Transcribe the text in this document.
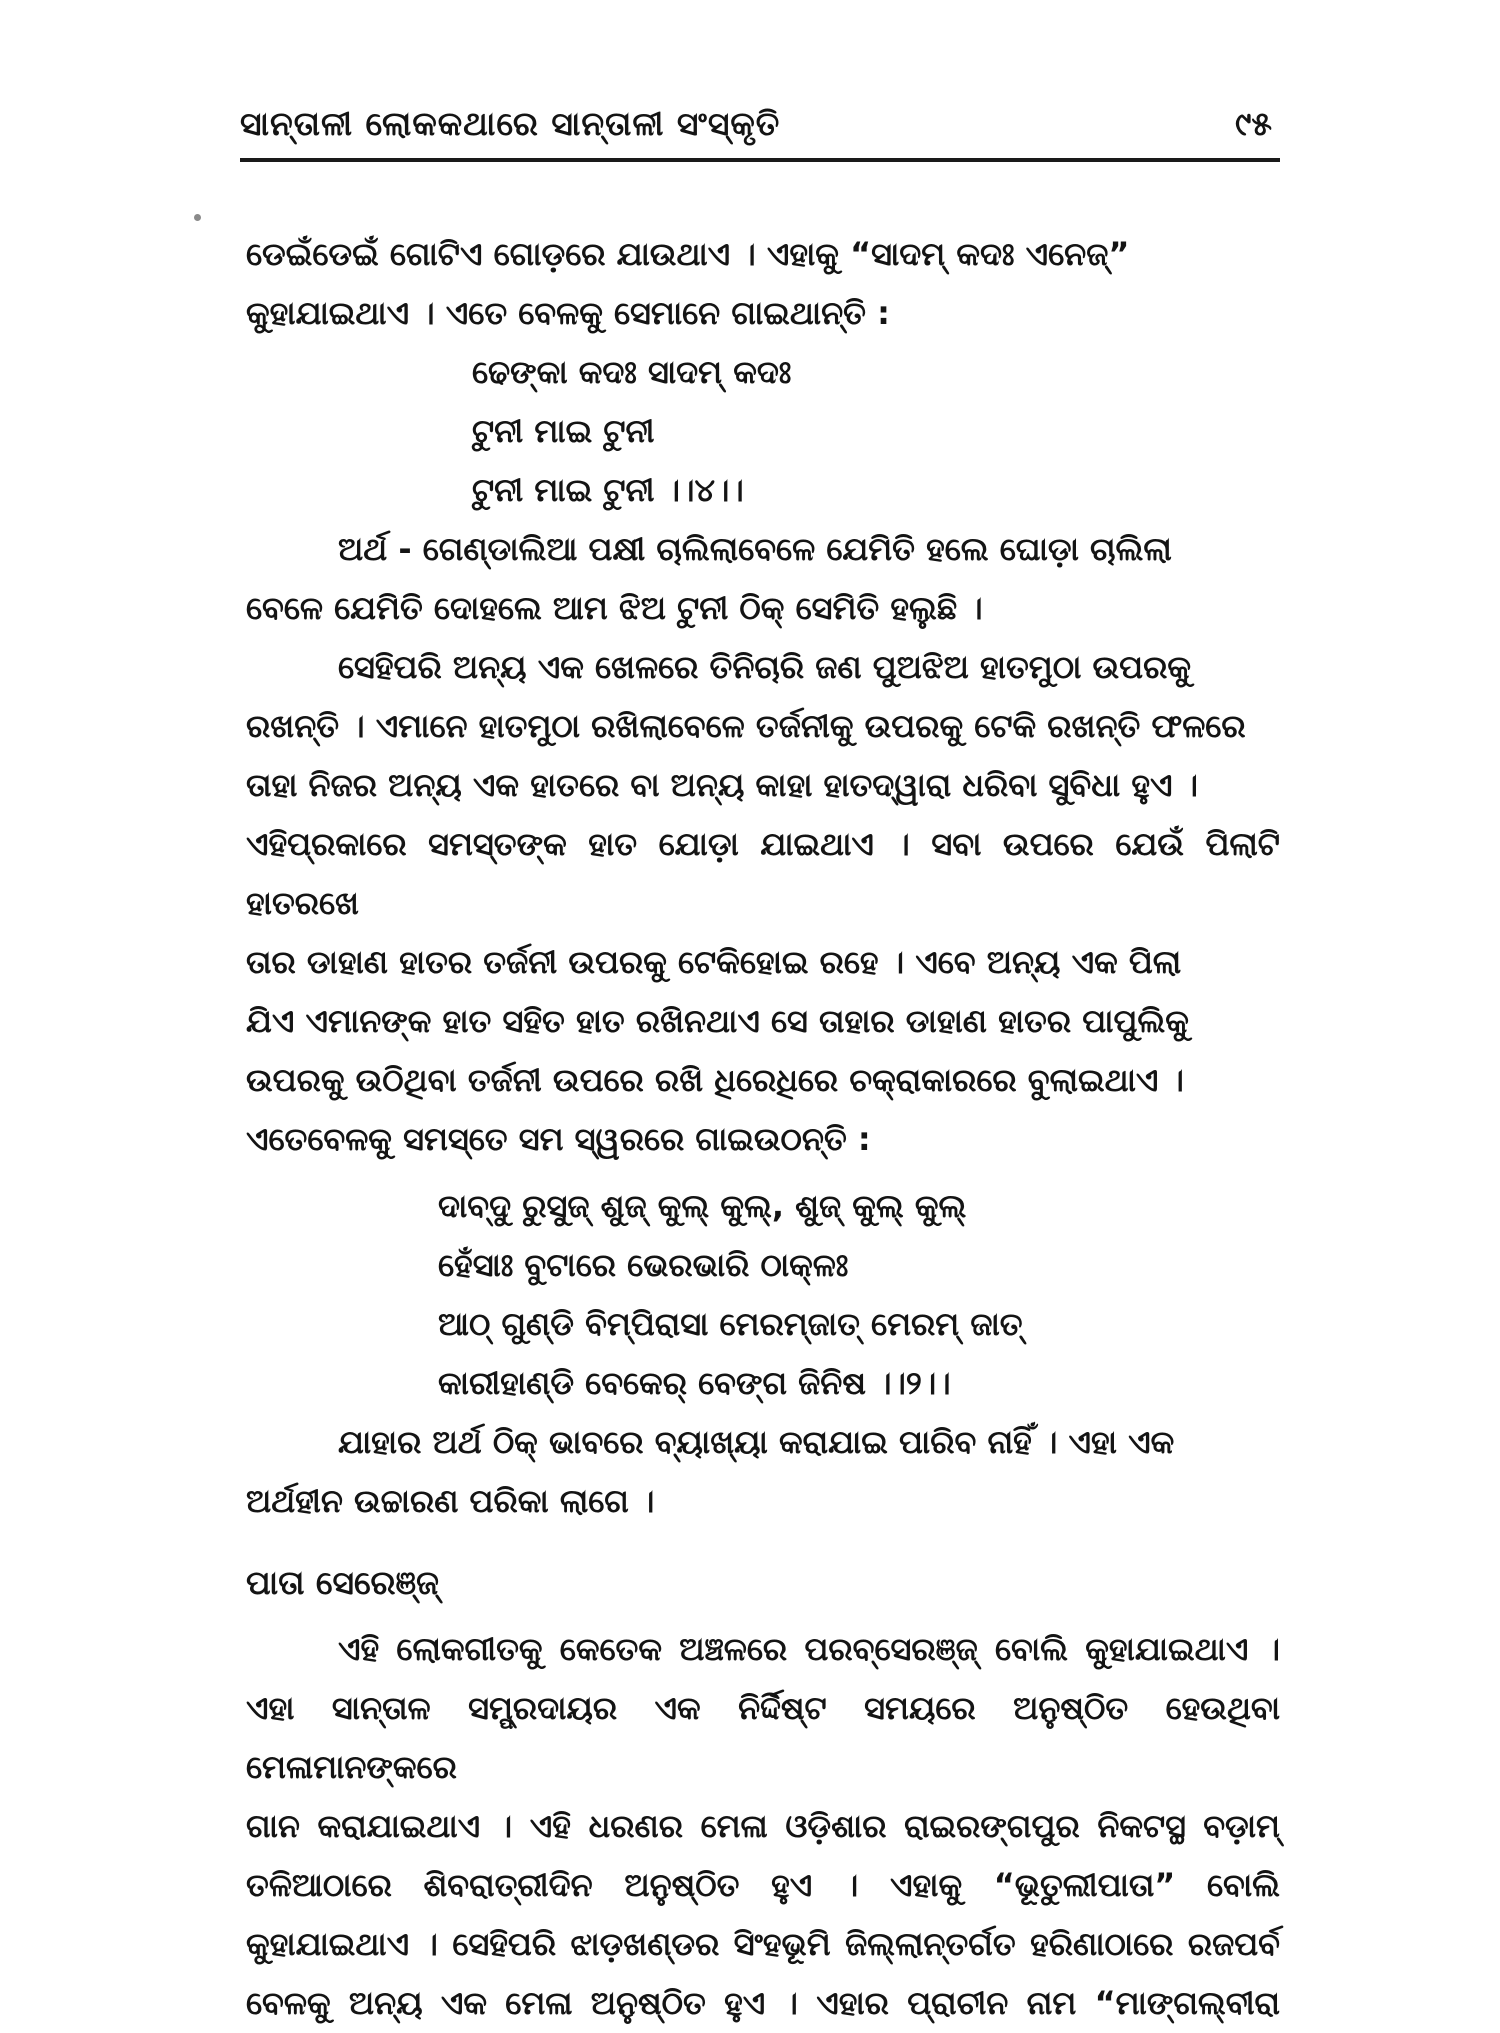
ସାନ୍ତାଳୀ ଲୋକକଥାରେ ସାନ୍ତାଳୀ ସଂସ୍କୃତି	୯୫

ଡେଇଁଡେଇଁ ଗୋଟିଏ ଗୋଡ଼ରେ ଯାଉଥାଏ । ଏହାକୁ “ସାଦମ୍ କଦଃ ଏନେଜ୍”
କୁହାଯାଇଥାଏ । ଏତେ ବେଳକୁ ସେମାନେ ଗାଇଥାନ୍ତି :

ଢେଙ୍କା କଦଃ ସାଦମ୍ କଦଃ
ଟୁନୀ ମାଇ ଟୁନୀ
ଟୁନୀ ମାଇ ଟୁନୀ ।।୪।।

ଅର୍ଥ - ଗେଣ୍ଡାଲିଆ ପକ୍ଷୀ ଚାଲିଲାବେଳେ ଯେମିତି ହଲେ ଘୋଡ଼ା ଚାଲିଲା
ବେଳେ ଯେମିତି ଦୋହଲେ ଆମ ଝିଅ ଟୁନୀ ଠିକ୍ ସେମିତି ହଲୁଛି ।

ସେହିପରି ଅନ୍ୟ ଏକ ଖେଳରେ ତିନିଚାରି ଜଣ ପୁଅଝିଅ ହାତମୁଠା ଉପରକୁ
ରଖନ୍ତି । ଏମାନେ ହାତମୁଠା ରଖିଲାବେଳେ ତର୍ଜନୀକୁ ଉପରକୁ ଟେକି ରଖନ୍ତି ଫଳରେ
ତାହା ନିଜର ଅନ୍ୟ ଏକ ହାତରେ ବା ଅନ୍ୟ କାହା ହାତଦ୍ୱାରା ଧରିବା ସୁବିଧା ହୁଏ ।
ଏହିପ୍ରକାରେ ସମସ୍ତଙ୍କ ହାତ ଯୋଡ଼ା ଯାଇଥାଏ । ସବା ଉପରେ ଯେଉଁ ପିଲାଟି ହାତରଖେ
ତାର ଡାହାଣ ହାତର ତର୍ଜନୀ ଉପରକୁ ଟେକିହୋଇ ରହେ । ଏବେ ଅନ୍ୟ ଏକ ପିଲା
ଯିଏ ଏମାନଙ୍କ ହାତ ସହିତ ହାତ ରଖିନଥାଏ ସେ ତାହାର ଡାହାଣ ହାତର ପାପୁଲିକୁ
ଉପରକୁ ଉଠିଥିବା ତର୍ଜନୀ ଉପରେ ରଖି ଧିରେଧିରେ ଚକ୍ରାକାରରେ ବୁଲାଇଥାଏ ।
ଏତେବେଳକୁ ସମସ୍ତେ ସମ ସ୍ୱରରେ ଗାଇଉଠନ୍ତି :

ଦାବ୍‌ଦୁ ରୁସୁଜ୍ ଶୁଜ୍ କୁଲ୍ କୁଲ୍, ଶୁଜ୍ କୁଲ୍ କୁଲ୍
ହେଁସାଃ ବୁଟାରେ ଭେରଭାରି ଠାକ୍‌ଳଃ
ଆଠ୍ ଗୁଣ୍ଡି ବିମ୍ପିରାସା ମେରମ୍‌ଜାତ୍ ମେରମ୍ ଜାତ୍
କାରୀହାଣ୍ଡି ବେକେର୍ ବେଙ୍ଗ ଜିନିଷ ।।୨।।

ଯାହାର ଅର୍ଥ ଠିକ୍ ଭାବରେ ବ୍ୟାଖ୍ୟା କରାଯାଇ ପାରିବ ନାହିଁ । ଏହା ଏକ
ଅର୍ଥହୀନ ଉଚ୍ଚାରଣ ପରିକା ଲାଗେ ।

ପାତା ସେରେଞ୍ଜ୍

ଏହି ଲୋକଗୀତକୁ କେତେକ ଅଞ୍ଚଳରେ ପରବ୍‌ସେରଞ୍ଜ୍ ବୋଲି କୁହାଯାଇଥାଏ ।
ଏହା ସାନ୍ତାଳ ସମ୍ପ୍ରଦାୟର ଏକ ନିର୍ଦ୍ଦିଷ୍ଟ ସମୟରେ ଅନୁଷ୍ଠିତ ହେଉଥିବା ମେଳାମାନଙ୍କରେ
ଗାନ କରାଯାଇଥାଏ । ଏହି ଧରଣର ମେଳା ଓଡ଼ିଶାର ରାଇରଙ୍ଗପୁର ନିକଟସ୍ଥ ବଡ଼ାମ୍
ତଳିଆଠାରେ ଶିବରାତ୍ରୀଦିନ ଅନୁଷ୍ଠିତ ହୁଏ । ଏହାକୁ “ଭୂତୁଲୀପାତା” ବୋଲି
କୁହାଯାଇଥାଏ । ସେହିପରି ଝାଡ଼ଖଣ୍ଡର ସିଂହଭୂମି ଜିଲ୍ଲାନ୍ତର୍ଗତ ହରିଣାଠାରେ ରଜପର୍ବ
ବେଳକୁ ଅନ୍ୟ ଏକ ମେଳା ଅନୁଷ୍ଠିତ ହୁଏ । ଏହାର ପ୍ରାଚୀନ ନାମ “ମାଙ୍ଗଲ୍‌ବୀରା
